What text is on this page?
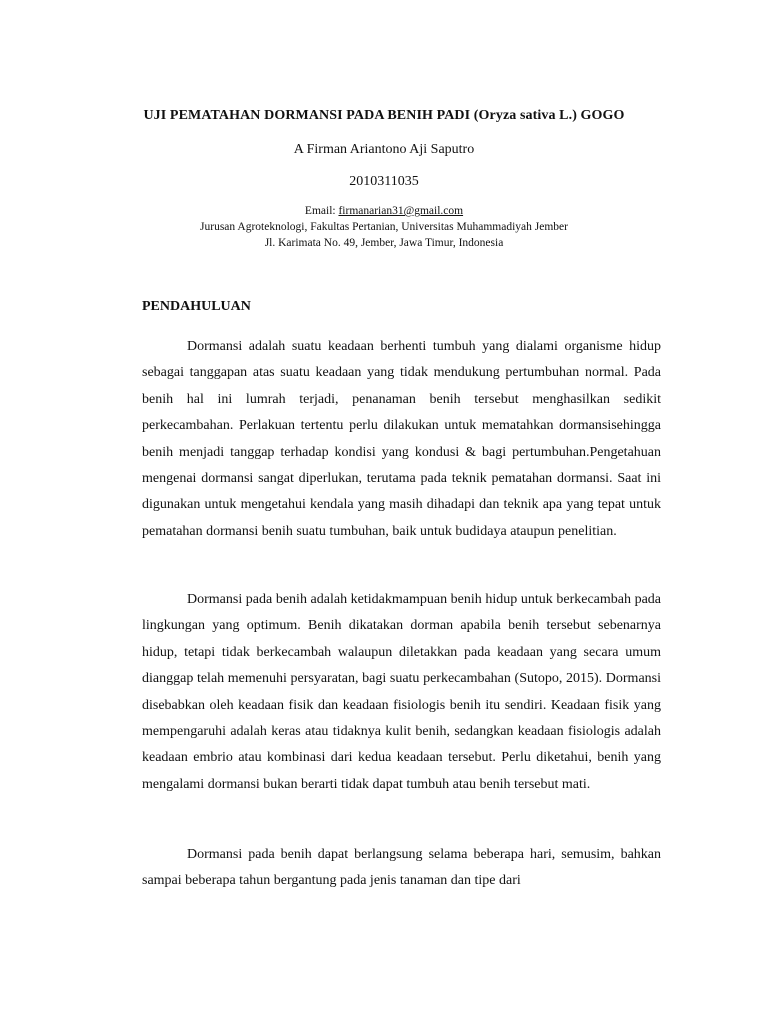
UJI PEMATAHAN DORMANSI PADA BENIH PADI (Oryza sativa L.) GOGO
A Firman Ariantono Aji Saputro
2010311035
Email: firmanarian31@gmail.com
Jurusan Agroteknologi, Fakultas Pertanian, Universitas Muhammadiyah Jember
Jl. Karimata No. 49, Jember, Jawa Timur, Indonesia
PENDAHULUAN

Dormansi adalah suatu keadaan berhenti tumbuh yang dialami organisme hidup sebagai tanggapan atas suatu keadaan yang tidak mendukung pertumbuhan normal. Pada benih hal ini lumrah terjadi, penanaman benih tersebut menghasilkan sedikit perkecambahan. Perlakuan tertentu perlu dilakukan untuk mematahkan dormansisehingga benih menjadi tanggap terhadap kondisi yang kondusi & bagi pertumbuhan.Pengetahuan mengenai dormansi sangat diperlukan, terutama pada teknik pematahan dormansi. Saat ini digunakan untuk mengetahui kendala yang masih dihadapi dan teknik apa yang tepat untuk pematahan dormansi benih suatu tumbuhan, baik untuk budidaya ataupun penelitian.

Dormansi pada benih adalah ketidakmampuan benih hidup untuk berkecambah pada lingkungan yang optimum. Benih dikatakan dorman apabila benih tersebut sebenarnya hidup, tetapi tidak berkecambah walaupun diletakkan pada keadaan yang secara umum dianggap telah memenuhi persyaratan, bagi suatu perkecambahan (Sutopo, 2015). Dormansi disebabkan oleh keadaan fisik dan keadaan fisiologis benih itu sendiri. Keadaan fisik yang mempengaruhi adalah keras atau tidaknya kulit benih, sedangkan keadaan fisiologis adalah keadaan embrio atau kombinasi dari kedua keadaan tersebut. Perlu diketahui, benih yang mengalami dormansi bukan berarti tidak dapat tumbuh atau benih tersebut mati.

Dormansi pada benih dapat berlangsung selama beberapa hari, semusim, bahkan sampai beberapa tahun bergantung pada jenis tanaman dan tipe dari
